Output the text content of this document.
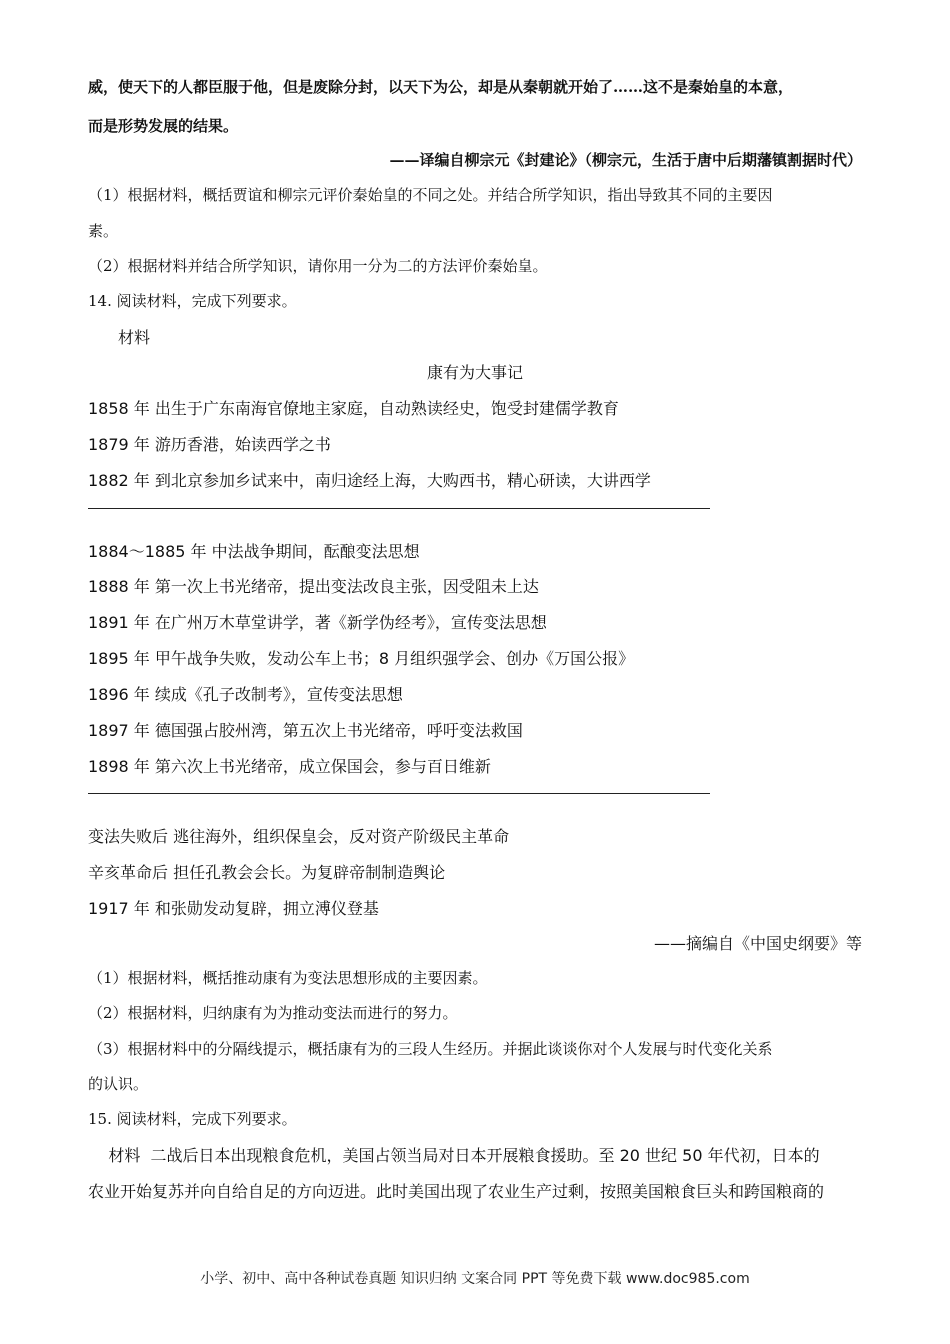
威，使天下的人都臣服于他，但是废除分封，以天下为公，却是从秦朝就开始了……这不是秦始皇的本意，
而是形势发展的结果。
——译编自柳宗元《封建论》（柳宗元，生活于唐中后期藩镇割据时代）
（1）根据材料，概括贾谊和柳宗元评价秦始皇的不同之处。并结合所学知识，指出导致其不同的主要因
素。
（2）根据材料并结合所学知识，请你用一分为二的方法评价秦始皇。
14. 阅读材料，完成下列要求。
材料
康有为大事记
1858 年 出生于广东南海官僚地主家庭，自动熟读经史，饱受封建儒学教育
1879 年 游历香港，始读西学之书
1882 年 到北京参加乡试来中，南归途经上海，大购西书，精心研读，大讲西学
1884～1885 年 中法战争期间，酝酿变法思想
1888 年 第一次上书光绪帝，提出变法改良主张，因受阻未上达
1891 年 在广州万木草堂讲学，著《新学伪经考》，宣传变法思想
1895 年 甲午战争失败，发动公车上书；8 月组织强学会、创办《万国公报》
1896 年 续成《孔子改制考》，宣传变法思想
1897 年 德国强占胶州湾，第五次上书光绪帝，呼吁变法救国
1898 年 第六次上书光绪帝，成立保国会，参与百日维新
变法失败后 逃往海外，组织保皇会，反对资产阶级民主革命
辛亥革命后 担任孔教会会长。为复辟帝制制造舆论
1917 年 和张勋发动复辟，拥立溥仪登基
——摘编自《中国史纲要》等
（1）根据材料，概括推动康有为变法思想形成的主要因素。
（2）根据材料，归纳康有为为推动变法而进行的努力。
（3）根据材料中的分隔线提示，概括康有为的三段人生经历。并据此谈谈你对个人发展与时代变化关系
的认识。
15. 阅读材料，完成下列要求。
材料  二战后日本出现粮食危机，美国占领当局对日本开展粮食援助。至 20 世纪 50 年代初，日本的
农业开始复苏并向自给自足的方向迈进。此时美国出现了农业生产过剩，按照美国粮食巨头和跨国粮商的
小学、初中、高中各种试卷真题 知识归纳 文案合同 PPT 等免费下载 www.doc985.com
